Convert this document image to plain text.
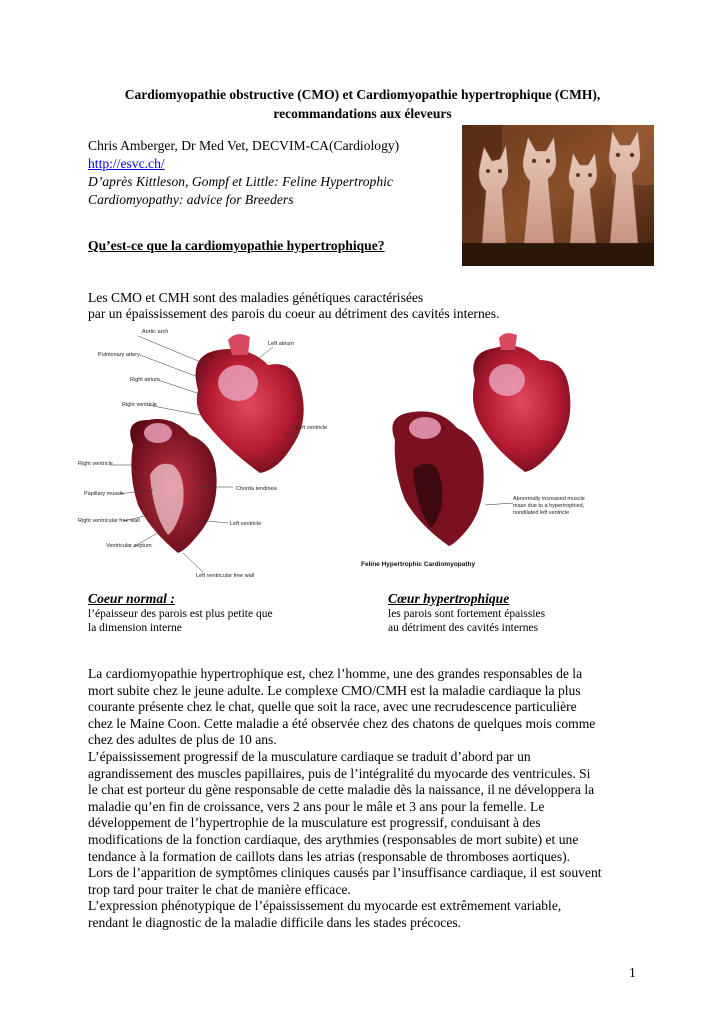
Cardiomyopathie obstructive (CMO) et Cardiomyopathie hypertrophique (CMH),
recommandations aux éleveurs
Chris Amberger, Dr Med Vet, DECVIM-CA(Cardiology)
http://esvc.ch/
D’après Kittleson, Gompf et Little: Feline Hypertrophic
Cardiomyopathy: advice for Breeders
Qu’est-ce que la cardiomyopathie hypertrophique?
Les CMO et CMH sont des maladies génétiques caractérisées
par un épaississement des parois du coeur au détriment des cavités internes.
Aortic arch
Pulmonary artery
Right atrium
Right ventricle
Left atrium
Left ventricle
Right ventricle
Papillary muscle
Right ventricular free wall
Ventricular septum
Chorda tendinea
Left ventricle
Left ventricular free wall
Abnormally increased muscle
mass due to a hypertrophied,
nondilated left ventricle
Feline Hypertrophic Cardiomyopathy
Coeur normal :
l’épaisseur des parois est plus petite que
la dimension interne
Cœur hypertrophique
les parois sont fortement épaissies
au détriment des cavités internes
La cardiomyopathie hypertrophique est, chez l’homme, une des grandes responsables de la
mort subite chez le jeune adulte. Le complexe CMO/CMH est la maladie cardiaque la plus
courante présente chez le chat, quelle que soit la race, avec une recrudescence particulière
chez le Maine Coon. Cette maladie a été observée chez des chatons de quelques mois comme
chez des adultes de plus de 10 ans.
L’épaississement progressif de la musculature cardiaque se traduit d’abord par un
agrandissement des muscles papillaires, puis de l’intégralité du myocarde des ventricules. Si
le chat est porteur du gène responsable de cette maladie dès la naissance, il ne développera la
maladie qu’en fin de croissance, vers 2 ans pour le mâle et 3 ans pour la femelle. Le
développement de l’hypertrophie de la musculature est progressif, conduisant à des
modifications de la fonction cardiaque, des arythmies (responsables de mort subite) et une
tendance à la formation de caillots dans les atrias (responsable de thromboses aortiques).
Lors de l’apparition de symptômes cliniques causés par l’insuffisance cardiaque, il est souvent
trop tard pour traiter le chat de manière efficace.
L’expression phénotypique de l’épaississement du myocarde est extrêmement variable,
rendant le diagnostic de la maladie difficile dans les stades précoces.
1
